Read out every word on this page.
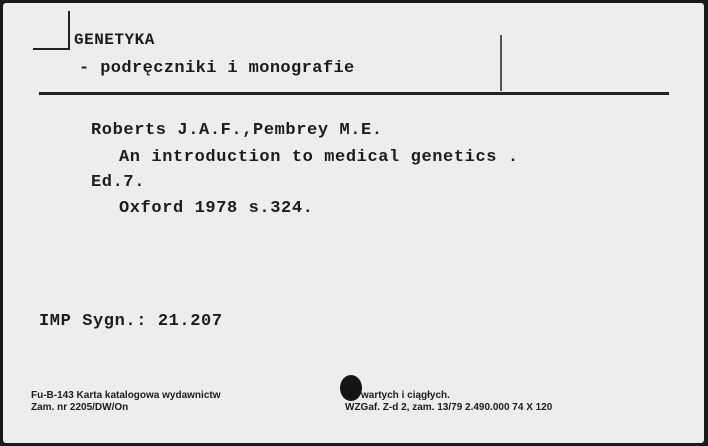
GENETYKA
- podręczniki i monografie
Roberts J.A.F.,Pembrey M.E.
An introduction to medical genetics .
Ed.7.
Oxford 1978 s.324.
IMP Sygn.: 21.207
Fu-B-143 Karta katalogowa wydawnictw
Zam. nr 2205/DW/On
wartych i ciągłych.
WZGaf. Z-d 2, zam. 13/79 2.490.000 74 X 120
